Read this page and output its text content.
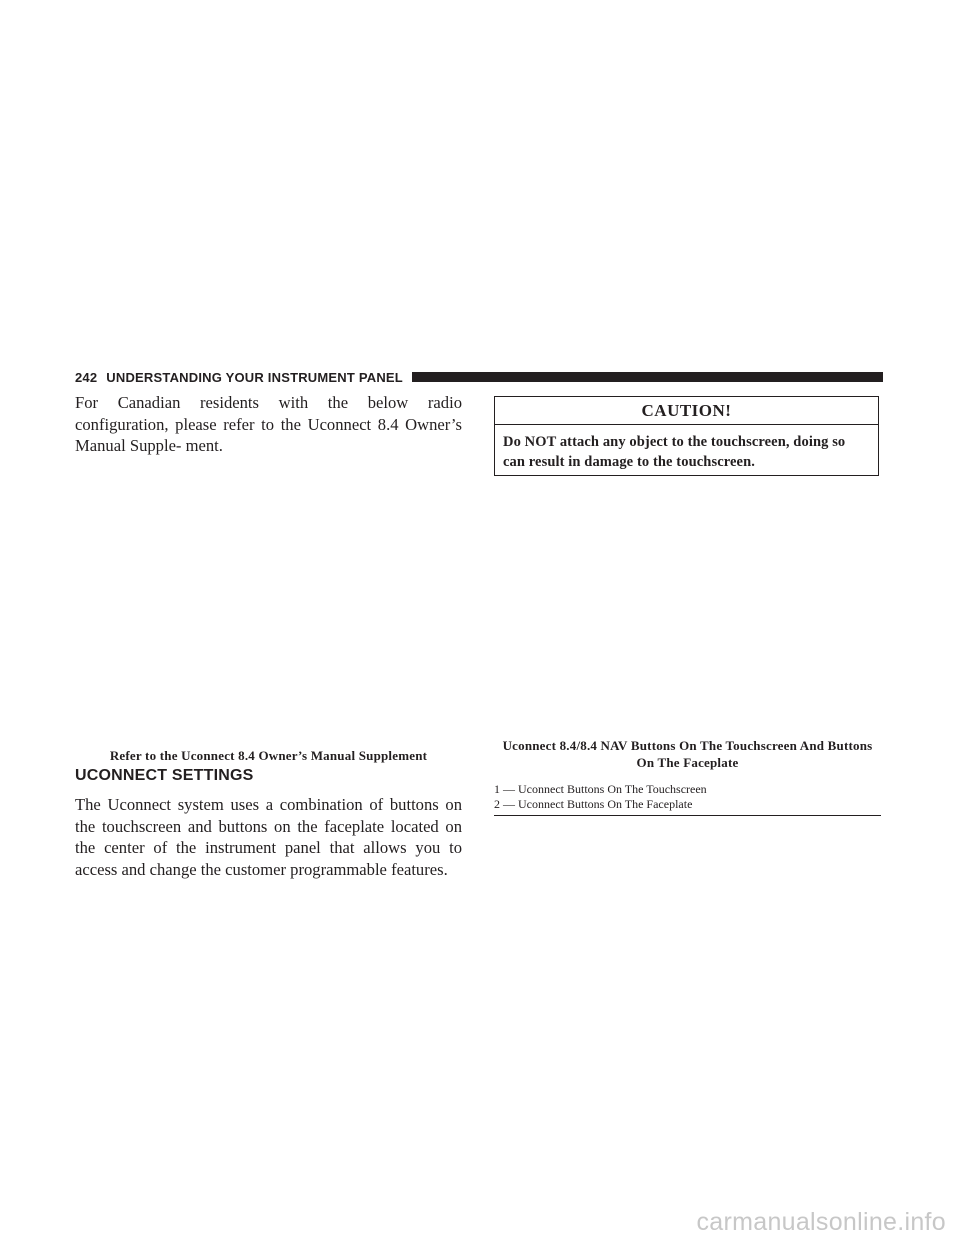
242 UNDERSTANDING YOUR INSTRUMENT PANEL

For Canadian residents with the below radio configuration, please refer to the Uconnect 8.4 Owner’s Manual Supple- ment.

Refer to the Uconnect 8.4 Owner’s Manual Supplement
UCONNECT SETTINGS

The Uconnect system uses a combination of buttons on the touchscreen and buttons on the faceplate located on the center of the instrument panel that allows you to access and change the customer programmable features.

CAUTION!
Do NOT attach any object to the touchscreen, doing so can result in damage to the touchscreen.
Uconnect 8.4/8.4 NAV Buttons On The Touchscreen And Buttons On The Faceplate
1 — Uconnect Buttons On The Touchscreen
2 — Uconnect Buttons On The Faceplate
carmanualsonline.info
